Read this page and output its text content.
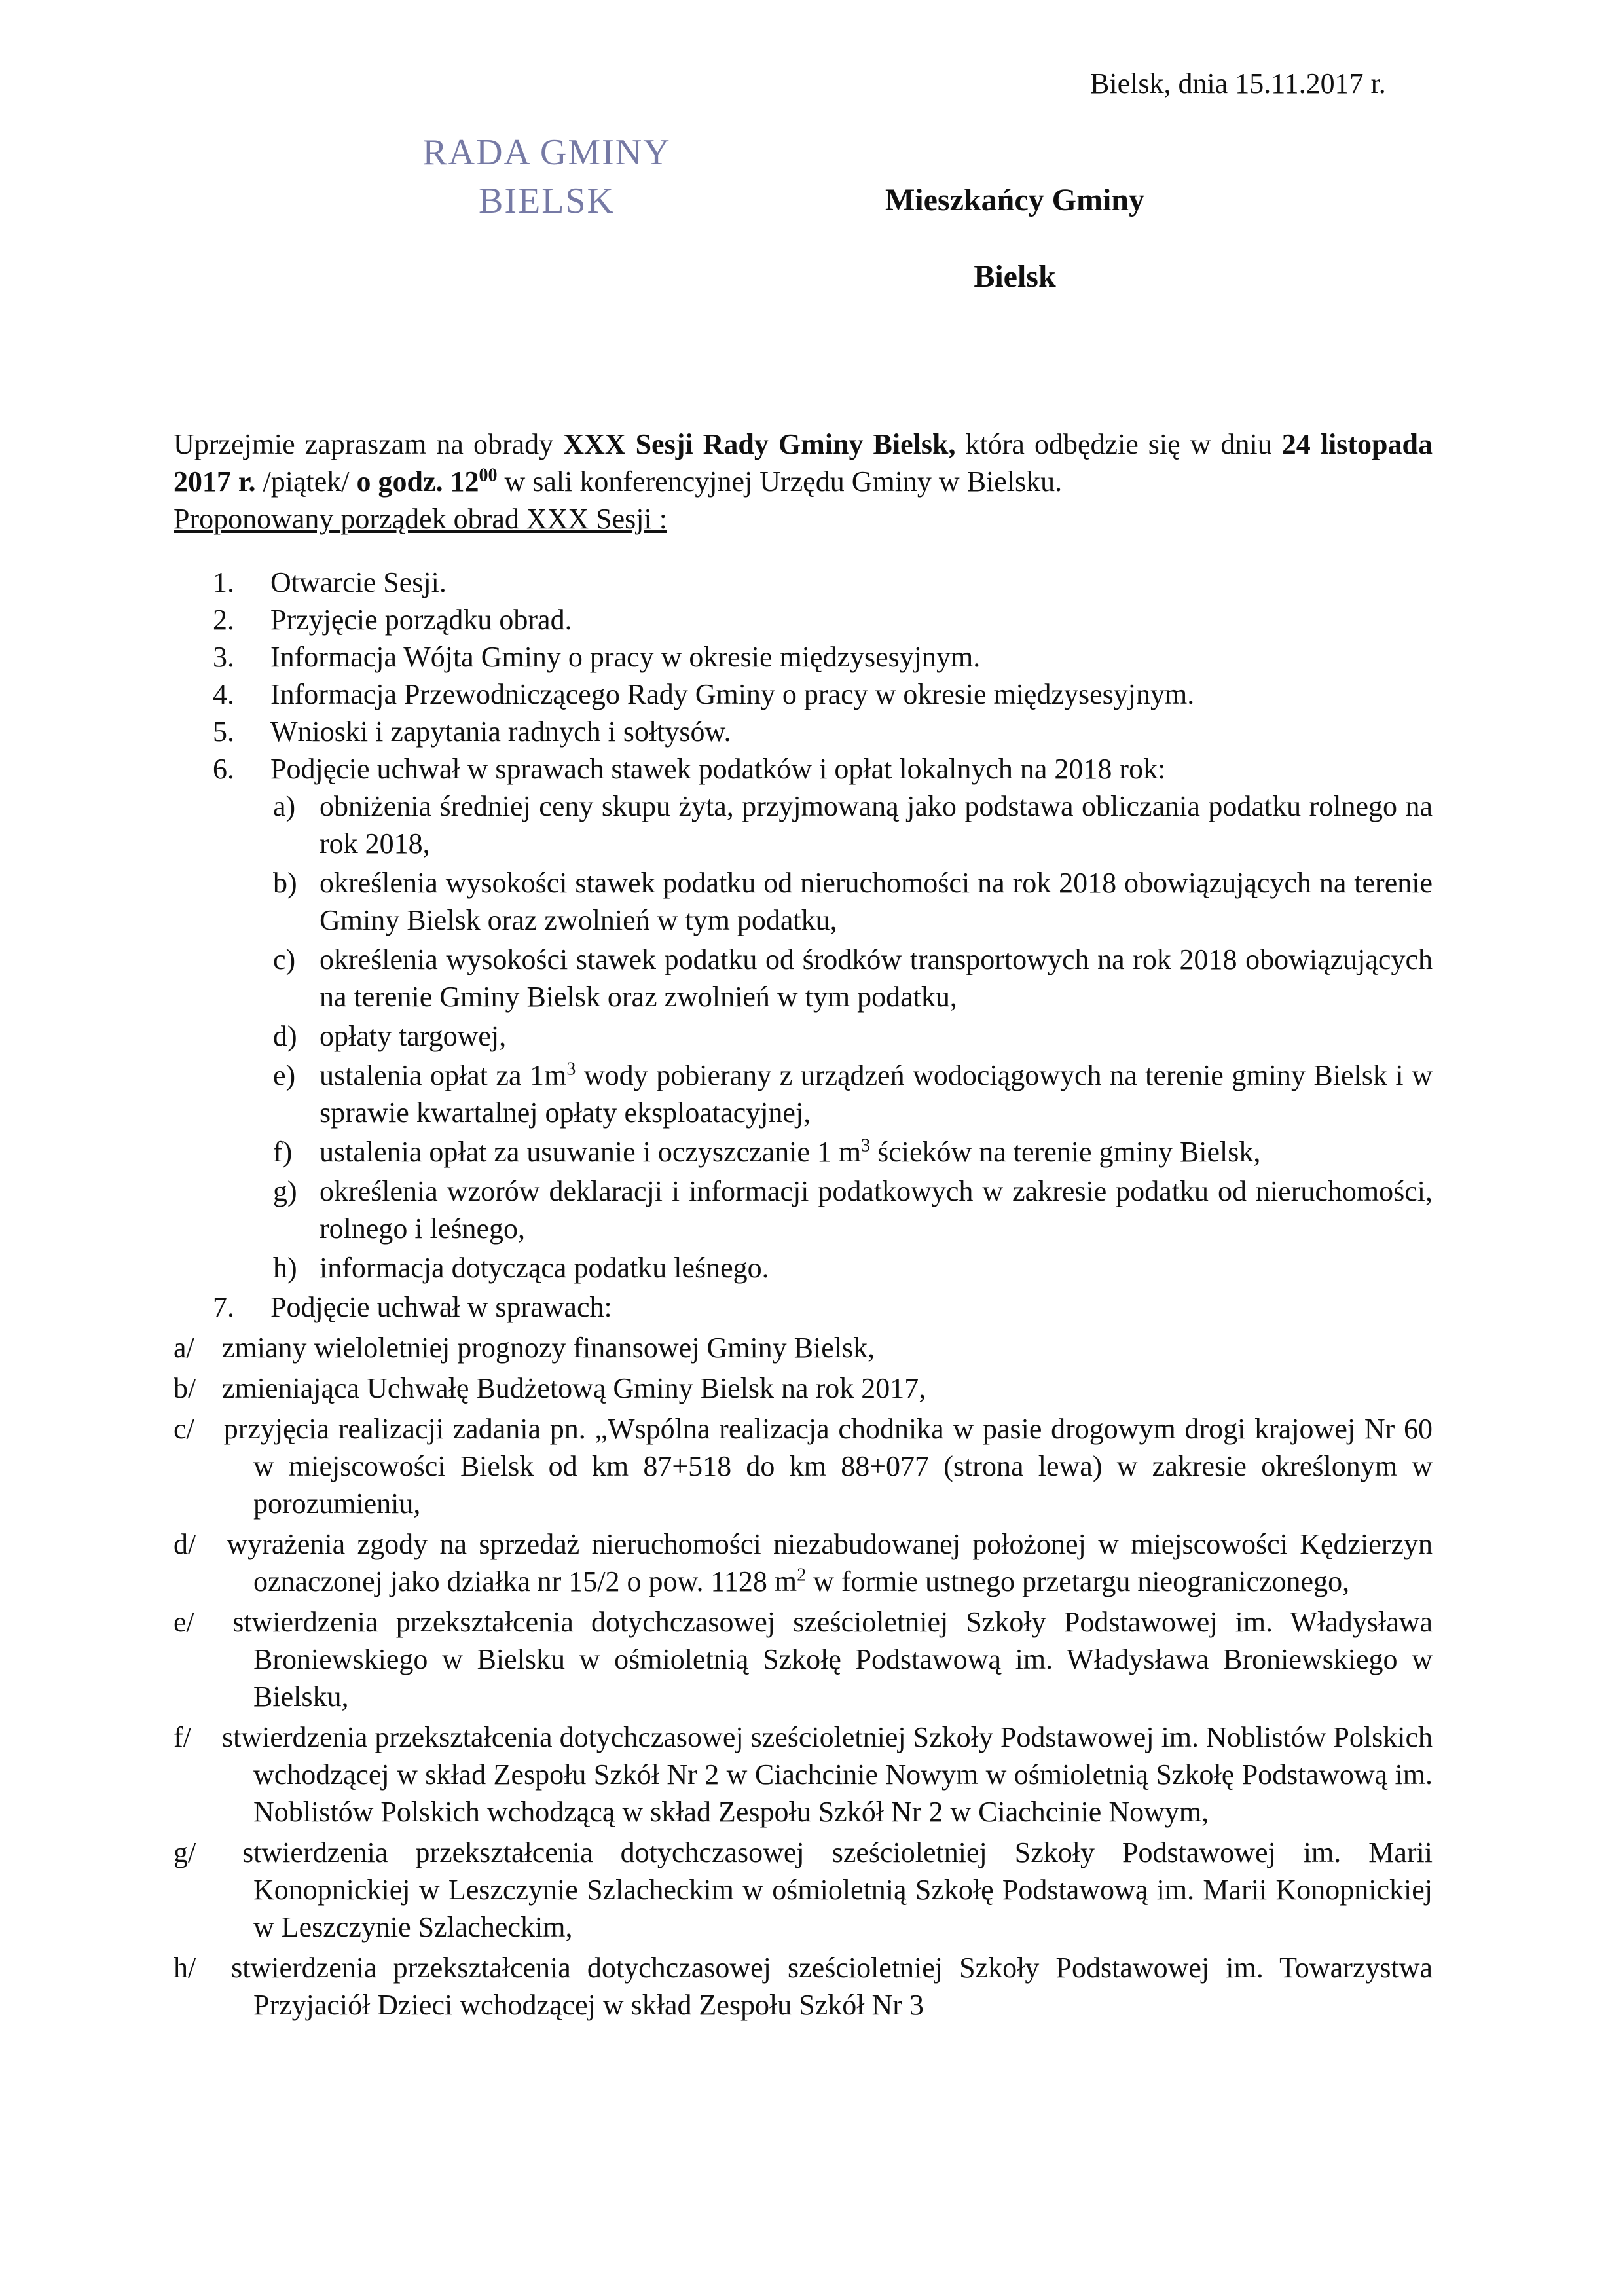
Bielsk, dnia 15.11.2017 r.
RADA GMINY
BIELSK	Mieszkańcy Gminy
Bielsk
Uprzejmie zapraszam na obrady XXX Sesji Rady Gminy Bielsk, która odbędzie się w dniu 24 listopada 2017 r. /piątek/ o godz. $12^{00}$ w sali konferencyjnej Urzędu Gminy w Bielsku.
Proponowany porządek obrad XXX Sesji :
1. Otwarcie Sesji.
2. Przyjęcie porządku obrad.
3. Informacja Wójta Gminy o pracy w okresie międzysesyjnym.
4. Informacja Przewodniczącego Rady Gminy o pracy w okresie międzysesyjnym.
5. Wnioski i zapytania radnych i sołtysów.
6. Podjęcie uchwał w sprawach stawek podatków i opłat lokalnych na 2018 rok:
a) obniżenia średniej ceny skupu żyta, przyjmowaną jako podstawa obliczania podatku rolnego na rok 2018,
b) określenia wysokości stawek podatku od nieruchomości na rok 2018 obowiązujących na terenie Gminy Bielsk oraz zwolnień w tym podatku,
c) określenia wysokości stawek podatku od środków transportowych na rok 2018 obowiązujących na terenie Gminy Bielsk oraz zwolnień w tym podatku,
d) opłaty targowej,
e) ustalenia opłat za $1m^3$ wody pobierany z urządzeń wodociągowych na terenie gminy Bielsk i w sprawie kwartalnej opłaty eksploatacyjnej,
f) ustalenia opłat za usuwanie i oczyszczanie 1 $m^3$ ścieków na terenie gminy Bielsk,
g) określenia wzorów deklaracji i informacji podatkowych w zakresie podatku od nieruchomości, rolnego i leśnego,
h) informacja dotycząca podatku leśnego.
7. Podjęcie uchwał w sprawach:
a/ zmiany wieloletniej prognozy finansowej Gminy Bielsk,
b/ zmieniająca Uchwałę Budżetową Gminy Bielsk na rok 2017,
c/ przyjęcia realizacji zadania pn. „Wspólna realizacja chodnika w pasie drogowym drogi krajowej Nr 60 w miejscowości Bielsk od km 87+518 do km 88+077 (strona lewa) w zakresie określonym w porozumieniu,
d/ wyrażenia zgody na sprzedaż nieruchomości niezabudowanej położonej w miejscowości Kędzierzyn oznaczonej jako działka nr 15/2 o pow. 1128 $m^2$ w formie ustnego przetargu nieograniczonego,
e/ stwierdzenia przekształcenia dotychczasowej sześcioletniej Szkoły Podstawowej im. Władysława Broniewskiego w Bielsku w ośmioletnią Szkołę Podstawową im. Władysława Broniewskiego w Bielsku,
f/ stwierdzenia przekształcenia dotychczasowej sześcioletniej Szkoły Podstawowej im. Noblistów Polskich wchodzącej w skład Zespołu Szkół Nr 2 w Ciachcinie Nowym w ośmioletnią Szkołę Podstawową im. Noblistów Polskich wchodzącą w skład Zespołu Szkół Nr 2 w Ciachcinie Nowym,
g/ stwierdzenia przekształcenia dotychczasowej sześcioletniej Szkoły Podstawowej im. Marii Konopnickiej w Leszczynie Szlacheckim w ośmioletnią Szkołę Podstawową im. Marii Konopnickiej w Leszczynie Szlacheckim,
h/ stwierdzenia przekształcenia dotychczasowej sześcioletniej Szkoły Podstawowej im. Towarzystwa Przyjaciół Dzieci wchodzącej w skład Zespołu Szkół Nr 3
